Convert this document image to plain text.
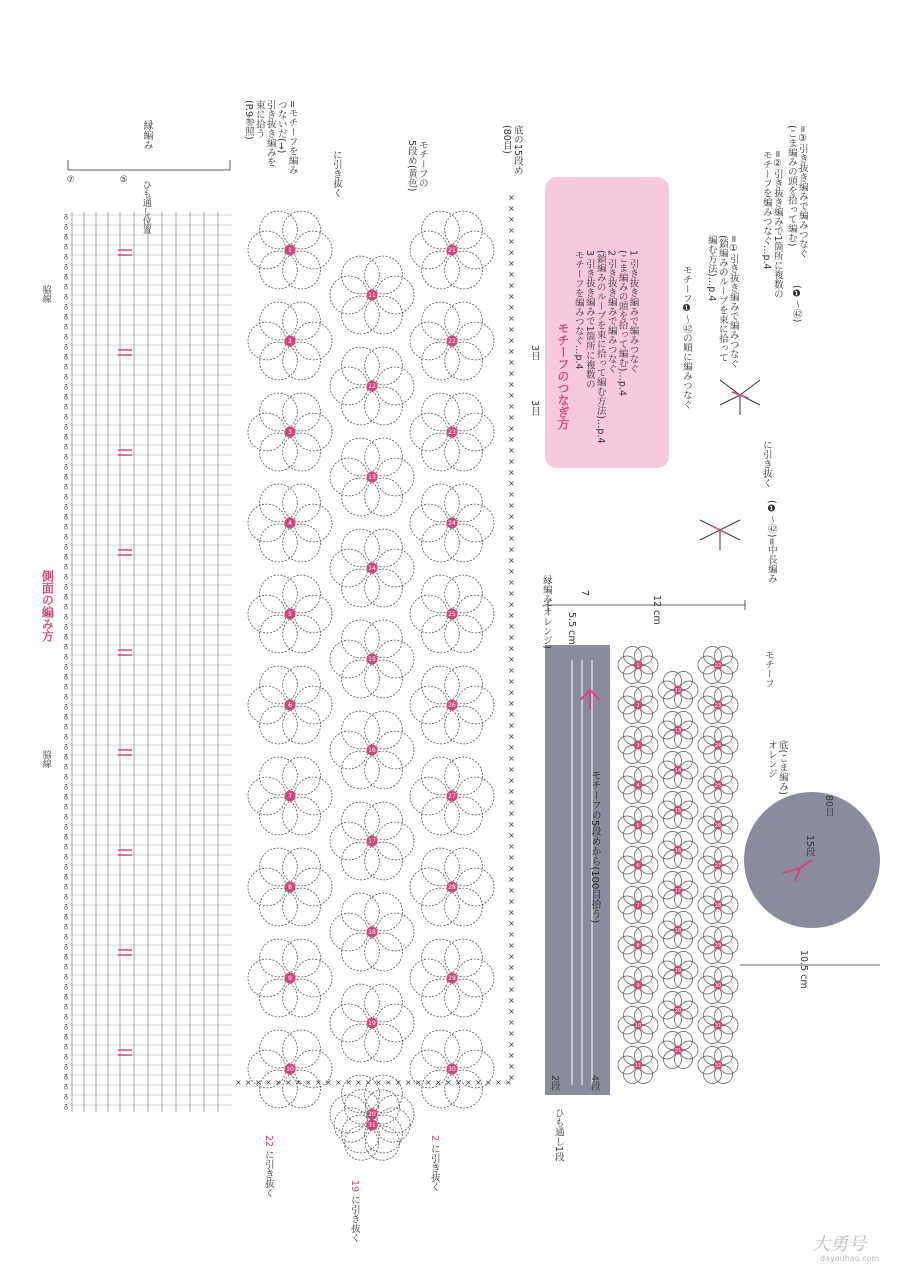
ᵹ
ᵹ
ᵹ
ᵹ
ᵹ
ᵹ
ᵹ
ᵹ
ᵹ
ᵹ
ᵹ
ᵹ
ᵹ
ᵹ
ᵹ
ᵹ
ᵹ
ᵹ
ᵹ
ᵹ
ᵹ
ᵹ
ᵹ
ᵹ
ᵹ
ᵹ
ᵹ
ᵹ
ᵹ
ᵹ
ᵹ
ᵹ
ᵹ
ᵹ
ᵹ
ᵹ
ᵹ
ᵹ
ᵹ
ᵹ
ᵹ
ᵹ
ᵹ
ᵹ
ᵹ
ᵹ
ᵹ
ᵹ
ᵹ
ᵹ
ᵹ
ᵹ
ᵹ
ᵹ
ᵹ
ᵹ
ᵹ
ᵹ
ᵹ
ᵹ
ᵹ
ᵹ
ᵹ
ᵹ
ᵹ
ᵹ
ᵹ
ᵹ
ᵹ
ᵹ
ᵹ
ᵹ
ᵹ
ᵹ
ᵹ
ᵹ
ᵹ
ᵹ
ᵹ
ᵹ
ᵹ
ᵹ
ᵹ
ᵹ
ᵹ
ᵹ
ᵹ
ᵹ
ᵹ
ᵹ
1
2
3
4
5
6
7
8
9
10
11
12
13
14
15
16
17
18
19
20
21
22
23
24
25
26
27
28
29
30
31
×
×
×
×
×
×
×
×
×
×
×
×
×
×
×
×
×
×
×
×
×
×
×
×
×
×
×
×
×
×
×
×
×
×
×
×
×
×
×
×
×
×
×
×
×
×
×
×
×
×
×
×
×
×
×
×
×
×
×
×
×
×
×
×
×
×
×
×
×
×
×
×
×
×
×
×
×
×
×
×
×
× × × × × × × × × × × × × × × × × × × × × × × × × × × ×
1
2
3
4
5
6
7
8
9
10
11
12
13
14
15
16
17
18
19
20
21
22
23
24
25
26
27
28
29
30
31
32
側面の編み方
縁編み
脇線
脇線
⑦	⑤ ひも通し位置
=モチーフを編み
つないだ(→)
引き抜き編みを
束に拾う
(P.9参照)
に引き抜く	モチーフの
5段め(黄色)	底の15段め
(80目)
3目
3目
22 に引き抜く	19 に引き抜く
2 に引き抜く
モチーフのつなぎ方
1 引き抜き編みで編みつなぐ
(こま編みの頭を拾って編む)…p.4
2 引き抜き編みで編みつなぐ
(鎖編みのループを束に拾って編む方法)…p.4
3 引き抜き編みで1箇所に複数の
モチーフを編みつなぐ…p.4	モチーフ❶〜㊷の順に編みつなぐ	=①引き抜き編みで編みつなぐ
(鎖編みのループを束に拾って
編む方法)…p.4	=②引き抜き編みで1箇所に複数の
モチーフを編みつなぐ…p.4	=③引き抜き編みで編みつなぐ
(こま編みの頭を拾って編む)
(❶〜㊷)
(❶〜㊷)=中長編み
に引き抜く
縁編み(オレンジ) 5.5 cm
7
12 cm
モチーフ
モチーフの5段めから(100目拾う)
2段	4段
ひも通し1段
底(こま編み)
オレンジ
80目
15段
10.5 cm
大勇号
dayouhao.com
